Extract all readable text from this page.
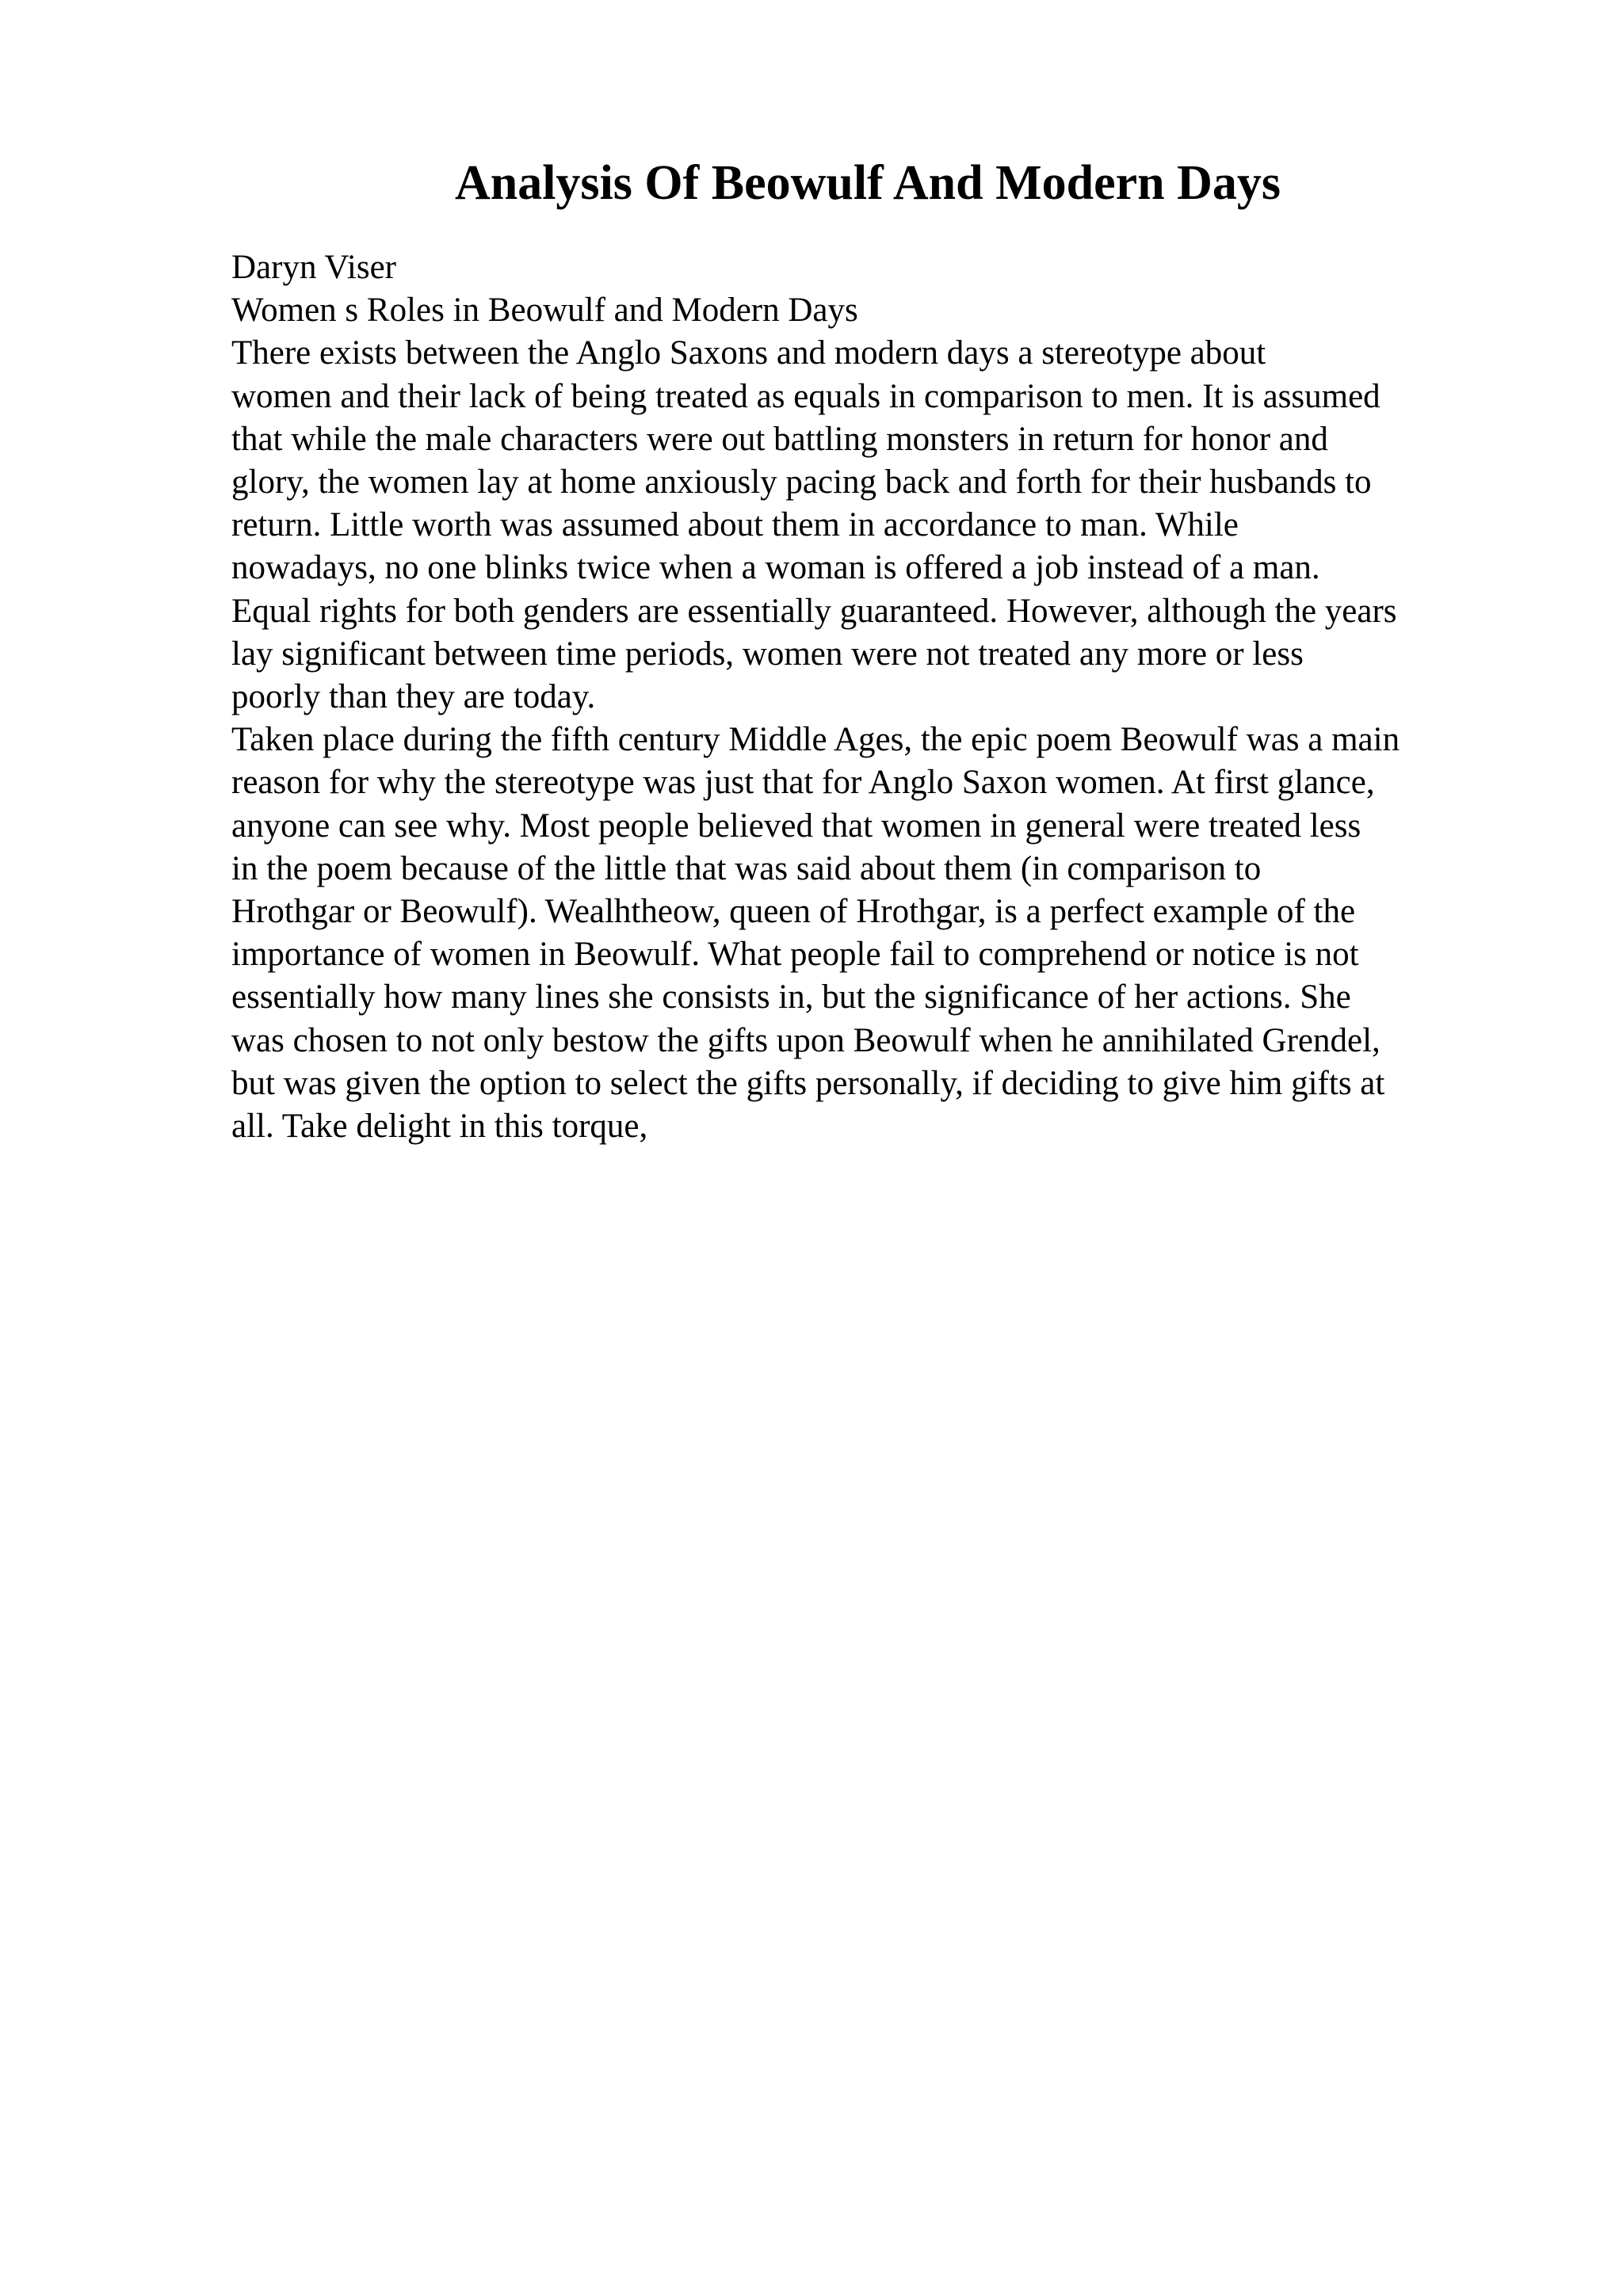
Analysis Of Beowulf And Modern Days
Daryn Viser
Women s Roles in Beowulf and Modern Days
There exists between the Anglo Saxons and modern days a stereotype about
women and their lack of being treated as equals in comparison to men. It is assumed
that while the male characters were out battling monsters in return for honor and
glory, the women lay at home anxiously pacing back and forth for their husbands to
return. Little worth was assumed about them in accordance to man. While
nowadays, no one blinks twice when a woman is offered a job instead of a man.
Equal rights for both genders are essentially guaranteed. However, although the years
lay significant between time periods, women were not treated any more or less
poorly than they are today.
Taken place during the fifth century Middle Ages, the epic poem Beowulf was a main
reason for why the stereotype was just that for Anglo Saxon women. At first glance,
anyone can see why. Most people believed that women in general were treated less
in the poem because of the little that was said about them (in comparison to
Hrothgar or Beowulf). Wealhtheow, queen of Hrothgar, is a perfect example of the
importance of women in Beowulf. What people fail to comprehend or notice is not
essentially how many lines she consists in, but the significance of her actions. She
was chosen to not only bestow the gifts upon Beowulf when he annihilated Grendel,
but was given the option to select the gifts personally, if deciding to give him gifts at
all. Take delight in this torque,
